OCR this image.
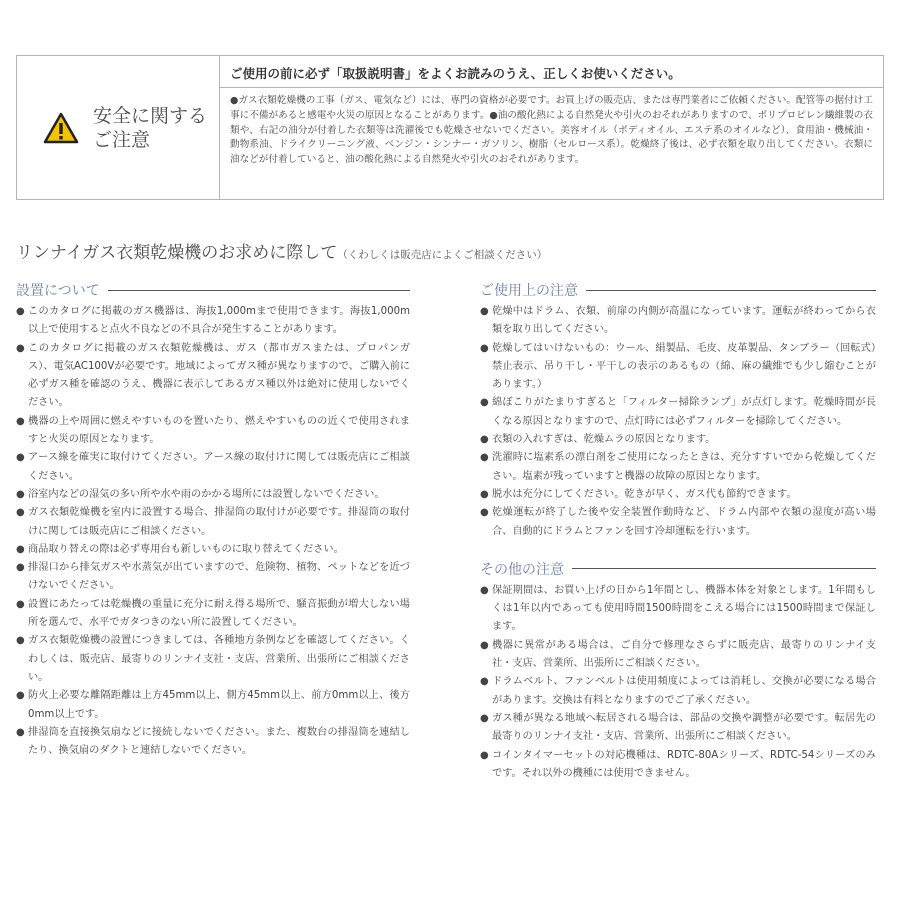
安全に関する
ご注意
ご使用の前に必ず「取扱説明書」をよくお読みのうえ、正しくお使いください。
●ガス衣類乾燥機の工事（ガス、電気など）には、専門の資格が必要です。お買上げの販売店、または専門業者にご依頼ください。配管等の据付け工事に不備があると感電や火災の原因となることがあります。●油の酸化熱による自然発火や引火のおそれがありますので、ポリプロピレン繊維製の衣類や、右記の油分が付着した衣類等は洗濯後でも乾燥させないでください。美容オイル（ボディオイル、エステ系のオイルなど）、食用油・機械油・動物系油、ドライクリーニング液、ベンジン・シンナー・ガソリン、樹脂（セルロース系）。乾燥終了後は、必ず衣類を取り出してください。衣類に油などが付着していると、油の酸化熱による自然発火や引火のおそれがあります。
リンナイガス衣類乾燥機のお求めに際して（くわしくは販売店によくご相談ください）
設置について
● このカタログに掲載のガス機器は、海抜1,000mまで使用できます。海抜1,000m以上で使用すると点火不良などの不具合が発生することがあります。
● このカタログに掲載のガス衣類乾燥機は、ガス（都市ガスまたは、プロパンガス）、電気AC100Vが必要です。地域によってガス種が異なりますので、ご購入前に必ずガス種を確認のうえ、機器に表示してあるガス種以外は絶対に使用しないでください。
● 機器の上や周囲に燃えやすいものを置いたり、燃えやすいものの近くで使用されますと火災の原因となります。
● アース線を確実に取付けてください。アース線の取付けに関しては販売店にご相談ください。
● 浴室内などの湿気の多い所や水や雨のかかる場所には設置しないでください。
● ガス衣類乾燥機を室内に設置する場合、排湿筒の取付けが必要です。排湿筒の取付けに関しては販売店にご相談ください。
● 商品取り替えの際は必ず専用台も新しいものに取り替えてください。
● 排湿口から排気ガスや水蒸気が出ていますので、危険物、植物、ペットなどを近づけないでください。
● 設置にあたっては乾燥機の重量に充分に耐え得る場所で、騒音振動が増大しない場所を選んで、水平でガタつきのない所に設置してください。
● ガス衣類乾燥機の設置につきましては、各種地方条例などを確認してください。くわしくは、販売店、最寄りのリンナイ支社・支店、営業所、出張所にご相談ください。
● 防火上必要な離隔距離は上方45mm以上、側方45mm以上、前方0mm以上、後方0mm以上です。
● 排湿筒を直接換気扇などに接続しないでください。また、複数台の排湿筒を連結したり、換気扇のダクトと連結しないでください。
ご使用上の注意
● 乾燥中はドラム、衣類、前扉の内側が高温になっています。運転が終わってから衣類を取り出してください。
● 乾燥してはいけないもの：ウール、絹製品、毛皮、皮革製品、タンブラー（回転式）禁止表示、吊り干し・平干しの表示のあるもの（綿、麻の繊維でも少し縮むことがあります。）
● 綿ぼこりがたまりすぎると「フィルター掃除ランプ」が点灯します。乾燥時間が長くなる原因となりますので、点灯時には必ずフィルターを掃除してください。
● 衣類の入れすぎは、乾燥ムラの原因となります。
● 洗濯時に塩素系の漂白剤をご使用になったときは、充分すすいでから乾燥してください。塩素が残っていますと機器の故障の原因となります。
● 脱水は充分にしてください。乾きが早く、ガス代も節約できます。
● 乾燥運転が終了した後や安全装置作動時など、ドラム内部や衣類の湿度が高い場合、自動的にドラムとファンを回す冷却運転を行います。
その他の注意
● 保証期間は、お買い上げの日から1年間とし、機器本体を対象とします。1年間もしくは1年以内であっても使用時間1500時間をこえる場合には1500時間まで保証します。
● 機器に異常がある場合は、ご自分で修理なさらずに販売店、最寄りのリンナイ支社・支店、営業所、出張所にご相談ください。
● ドラムベルト、ファンベルトは使用頻度によっては消耗し、交換が必要になる場合があります。交換は有料となりますのでご了承ください。
● ガス種が異なる地域へ転居される場合は、部品の交換や調整が必要です。転居先の最寄りのリンナイ支社・支店、営業所、出張所にご相談ください。
● コインタイマーセットの対応機種は、RDTC-80Aシリーズ、RDTC-54シリーズのみです。それ以外の機種には使用できません。
